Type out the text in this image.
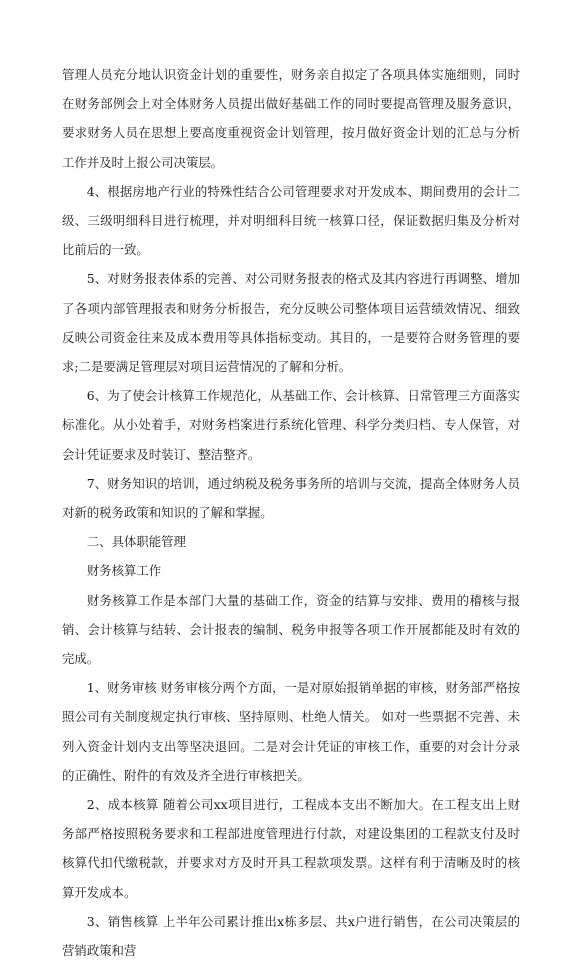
管理人员充分地认识资金计划的重要性，财务亲自拟定了各项具体实施细则，同时在财务部例会上对全体财务人员提出做好基础工作的同时要提高管理及服务意识，要求财务人员在思想上要高度重视资金计划管理，按月做好资金计划的汇总与分析工作并及时上报公司决策层。

4、根据房地产行业的特殊性结合公司管理要求对开发成本、期间费用的会计二级、三级明细科目进行梳理，并对明细科目统一核算口径，保证数据归集及分析对比前后的一致。

5、对财务报表体系的完善、对公司财务报表的格式及其内容进行再调整、增加了各项内部管理报表和财务分析报告，充分反映公司整体项目运营绩效情况、细致反映公司资金往来及成本费用等具体指标变动。其目的，一是要符合财务管理的要求;二是要满足管理层对项目运营情况的了解和分析。

6、为了使会计核算工作规范化，从基础工作、会计核算、日常管理三方面落实标准化。从小处着手，对财务档案进行系统化管理、科学分类归档、专人保管，对会计凭证要求及时装订、整洁整齐。

7、财务知识的培训，通过纳税及税务事务所的培训与交流，提高全体财务人员对新的税务政策和知识的了解和掌握。

二、具体职能管理

财务核算工作

财务核算工作是本部门大量的基础工作，资金的结算与安排、费用的稽核与报销、会计核算与结转、会计报表的编制、税务申报等各项工作开展都能及时有效的完成。

1、财务审核 财务审核分两个方面，一是对原始报销单据的审核，财务部严格按照公司有关制度规定执行审核、坚持原则、杜绝人情关。 如对一些票据不完善、未列入资金计划内支出等坚决退回。二是对会计凭证的审核工作，重要的对会计分录的正确性、附件的有效及齐全进行审核把关。

2、成本核算 随着公司xx项目进行，工程成本支出不断加大。在工程支出上财务部严格按照税务要求和工程部进度管理进行付款，对建设集团的工程款支付及时核算代扣代缴税款，并要求对方及时开具工程款项发票。这样有利于清晰及时的核算开发成本。

3、销售核算 上半年公司累计推出x栋多层、共x户进行销售，在公司决策层的营销政策和营
